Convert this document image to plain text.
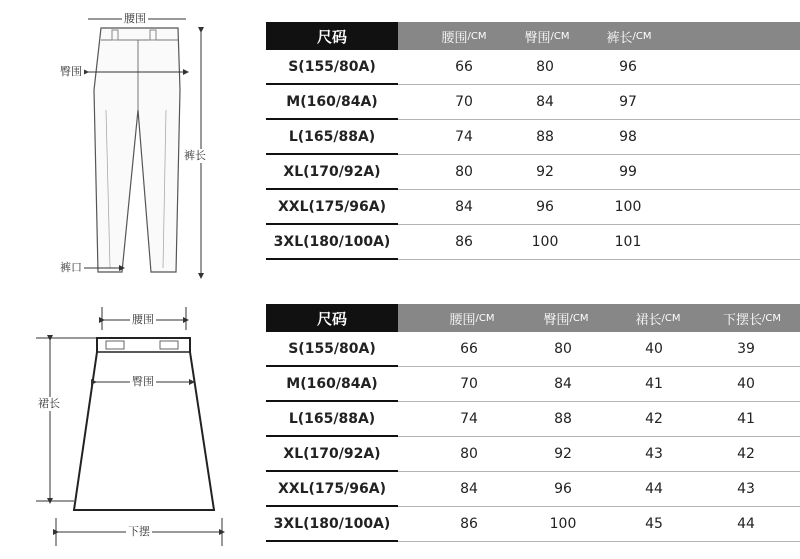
腰围
臀围
裤长
裤口
腰围
臀围
裙长
下摆
尺码	腰围 /CM	臀围 /CM	裤长 /CM
S(155/80A)	66	80	96
M(160/84A)	70	84	97
L(165/88A)	74	88	98
XL(170/92A)	80	92	99
XXL(175/96A)	84	96	100
3XL(180/100A)	86	100	101
尺码	腰围 /CM	臀围 /CM	裙长 /CM	下摆长 /CM
S(155/80A)	66	80	40	39
M(160/84A)	70	84	41	40
L(165/88A)	74	88	42	41
XL(170/92A)	80	92	43	42
XXL(175/96A)	84	96	44	43
3XL(180/100A)	86	100	45	44
